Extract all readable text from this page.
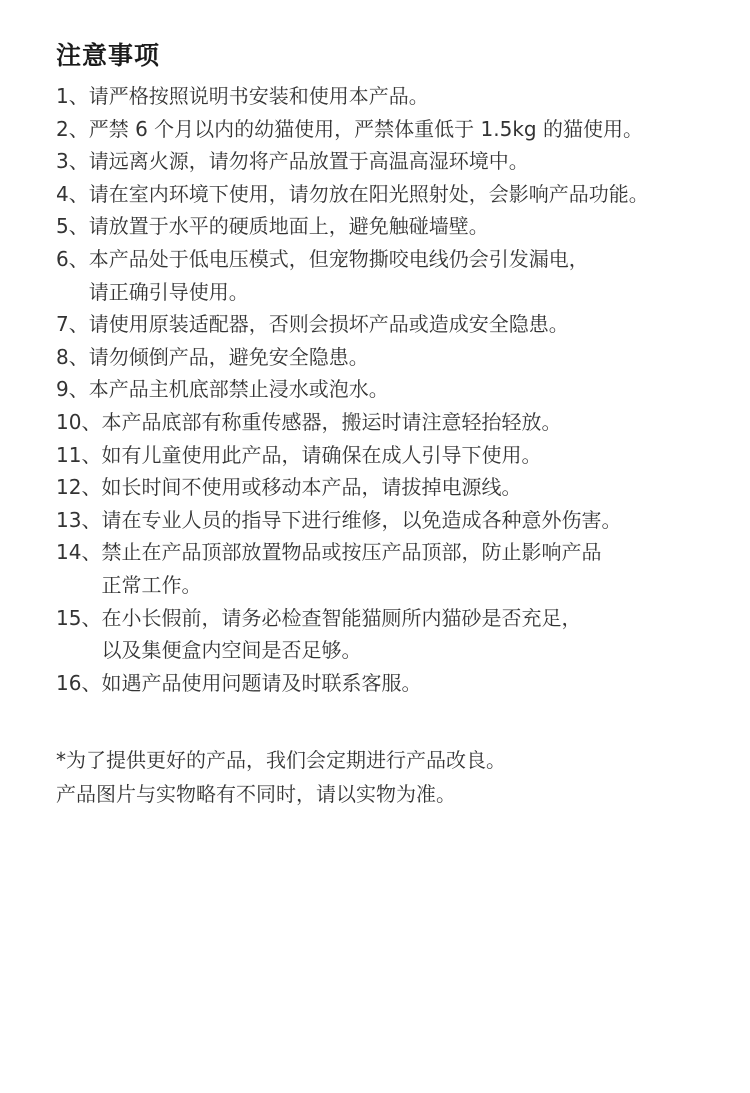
注意事项
1、 请严格按照说明书安装和使用本产品。
2、 严禁 6 个月以内的幼猫使用，严禁体重低于 1.5kg 的猫使用。
3、 请远离火源，请勿将产品放置于高温高湿环境中。
4、 请在室内环境下使用，请勿放在阳光照射处，会影响产品功能。
5、 请放置于水平的硬质地面上，避免触碰墙壁。
6、 本产品处于低电压模式，但宠物撕咬电线仍会引发漏电，
请正确引导使用。
7、 请使用原装适配器，否则会损坏产品或造成安全隐患。
8、 请勿倾倒产品，避免安全隐患。
9、 本产品主机底部禁止浸水或泡水。
10、 本产品底部有称重传感器，搬运时请注意轻抬轻放。
11、 如有儿童使用此产品，请确保在成人引导下使用。
12、 如长时间不使用或移动本产品，请拔掉电源线。
13、 请在专业人员的指导下进行维修，以免造成各种意外伤害。
14、 禁止在产品顶部放置物品或按压产品顶部，防止影响产品
正常工作。
15、 在小长假前，请务必检查智能猫厕所内猫砂是否充足，
以及集便盒内空间是否足够。
16、 如遇产品使用问题请及时联系客服。
*为了提供更好的产品，我们会定期进行产品改良。
产品图片与实物略有不同时，请以实物为准。
